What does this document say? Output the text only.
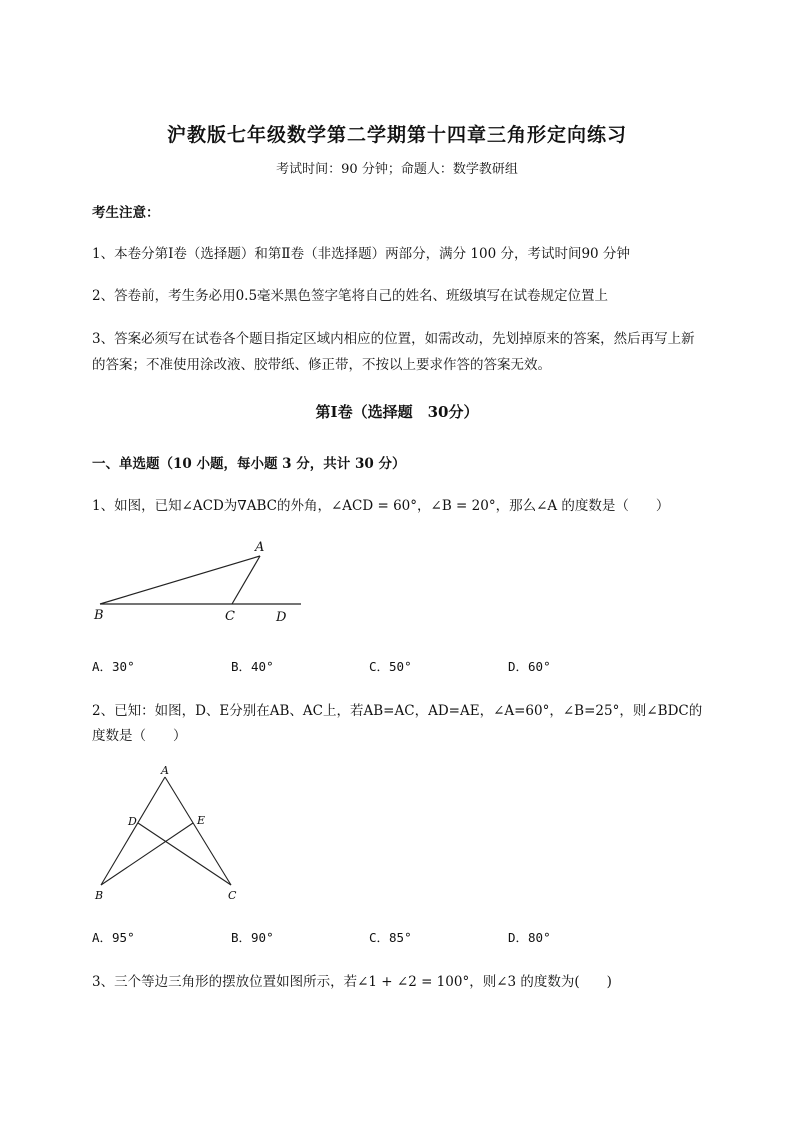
沪教版七年级数学第二学期第十四章三角形定向练习
考试时间：90 分钟；命题人：数学教研组
考生注意：
1、本卷分第Ⅰ卷（选择题）和第Ⅱ卷（非选择题）两部分，满分 100 分，考试时间90 分钟
2、答卷前，考生务必用0.5毫米黑色签字笔将自己的姓名、班级填写在试卷规定位置上
3、答案必须写在试卷各个题目指定区域内相应的位置，如需改动，先划掉原来的答案，然后再写上新
的答案；不准使用涂改液、胶带纸、修正带，不按以上要求作答的答案无效。
第Ⅰ卷（选择题　30分）
一、单选题（10 小题，每小题 3 分，共计 30 分）
1、如图，已知∠ACD为∇ABC的外角，∠ACD = 60°，∠B = 20°，那么∠A 的度数是（　　）
A
B	C	D
A．30°	B．40°	C．50°	D．60°
2、已知：如图，D、E分别在AB、AC上，若AB=AC，AD=AE，∠A=60°，∠B=25°，则∠BDC的
度数是（　　）
A
D	E
B	C
A．95°	B．90°	C．85°	D．80°
3、三个等边三角形的摆放位置如图所示，若∠1 + ∠2 = 100°，则∠3 的度数为(　　)
